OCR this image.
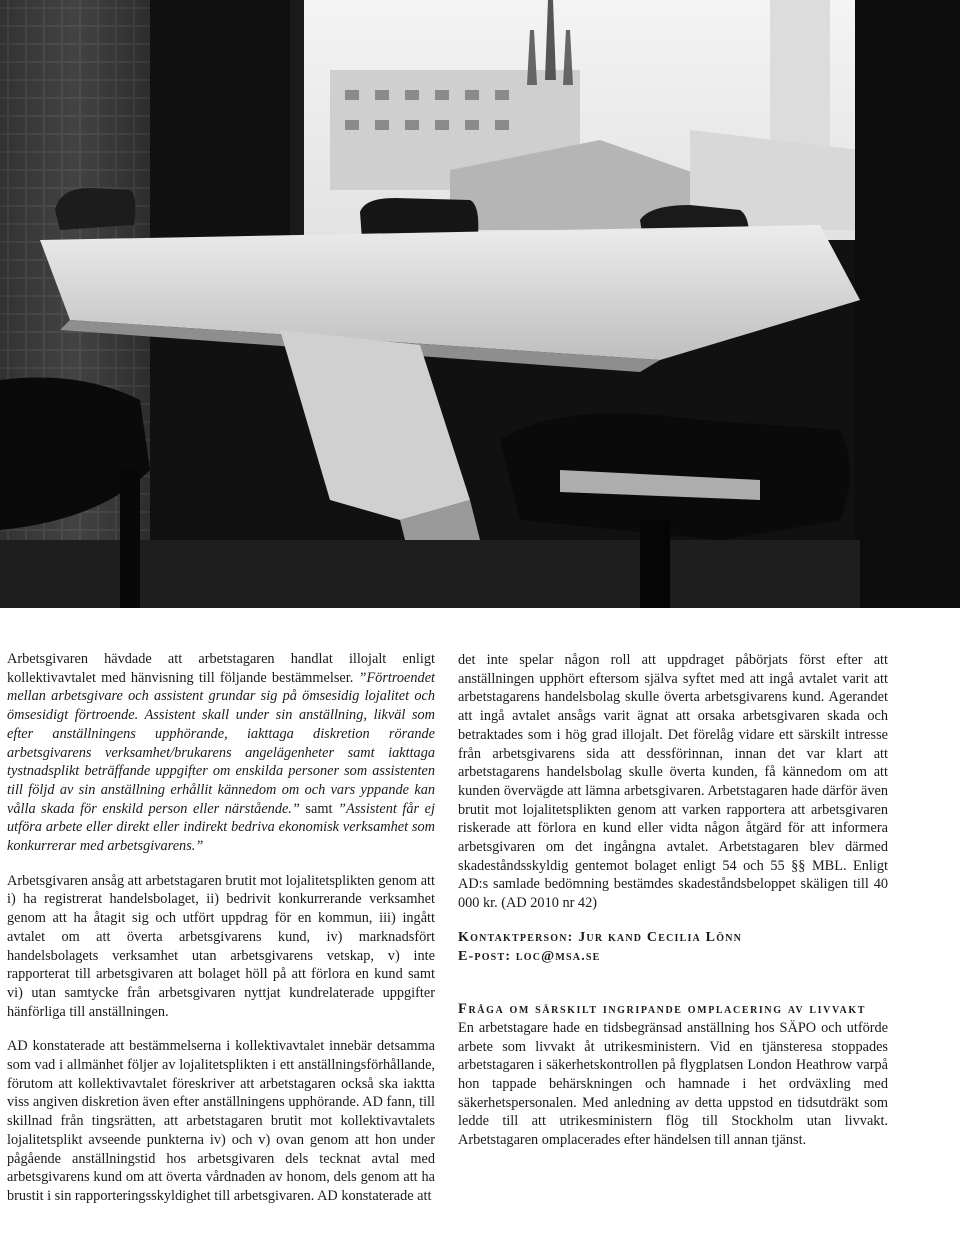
Arbetsgivaren hävdade att arbetstagaren handlat illojalt enligt kollektivavtalet med hänvisning till följande bestämmelser. ”Förtroendet mellan arbetsgivare och assistent grundar sig på ömsesidig lojalitet och ömsesidigt förtroende. Assistent skall under sin anställning, likväl som efter anställningens upphörande, iakttaga diskretion rörande arbetsgivarens verksamhet/brukarens angelägenheter samt iakttaga tystnadsplikt beträffande uppgifter om enskilda personer som assistenten till följd av sin anställning erhållit kännedom om och vars yppande kan vålla skada för enskild person eller närstående.” samt ”Assistent får ej utföra arbete eller direkt eller indirekt bedriva ekonomisk verksamhet som konkurrerar med arbetsgivarens.”

Arbetsgivaren ansåg att arbetstagaren brutit mot lojalitetsplikten genom att i) ha registrerat handelsbolaget, ii) bedrivit konkurrerande verksamhet genom att ha åtagit sig och utfört uppdrag för en kommun, iii) ingått avtalet om att överta arbetsgivarens kund, iv) marknadsfört handelsbolagets verksamhet utan arbetsgivarens vetskap, v) inte rapporterat till arbetsgivaren att bolaget höll på att förlora en kund samt vi) utan samtycke från arbetsgivaren nyttjat kundrelaterade uppgifter hänförliga till anställningen.

AD konstaterade att bestämmelserna i kollektivavtalet innebär detsamma som vad i allmänhet följer av lojalitetsplikten i ett anställningsförhållande, förutom att kollektivavtalet föreskriver att arbetstagaren också ska iaktta viss angiven diskretion även efter anställningens upphörande. AD fann, till skillnad från tingsrätten, att arbetstagaren brutit mot kollektivavtalets lojalitetsplikt avseende punkterna iv) och v) ovan genom att hon under pågående anställningstid hos arbetsgivaren dels tecknat avtal med arbetsgivarens kund om att överta vårdnaden av honom, dels genom att ha brustit i sin rapporteringsskyldighet till arbetsgivaren. AD konstaterade att

det inte spelar någon roll att uppdraget påbörjats först efter att anställningen upphört eftersom själva syftet med att ingå avtalet varit att arbetstagarens handelsbolag skulle överta arbetsgivarens kund. Agerandet att ingå avtalet ansågs varit ägnat att orsaka arbetsgivaren skada och betraktades som i hög grad illojalt. Det förelåg vidare ett särskilt intresse från arbetsgivarens sida att dessförinnan, innan det var klart att arbetstagarens handelsbolag skulle överta kunden, få kännedom om att kunden övervägde att lämna arbetsgivaren. Arbetstagaren hade därför även brutit mot lojalitetsplikten genom att varken rapportera att arbetsgivaren riskerade att förlora en kund eller vidta någon åtgärd för att informera arbetsgivaren om det ingångna avtalet. Arbetstagaren blev därmed skadeståndsskyldig gentemot bolaget enligt 54 och 55 §§ MBL. Enligt AD:s samlade bedömning bestämdes skadeståndsbeloppet skäligen till 40 000 kr. (AD 2010 nr 42)

Kontaktperson: Jur kand Cecilia Lönn
E-post: loc@msa.se
Fråga om särskilt ingripande omplacering av livvakt

En arbetstagare hade en tidsbegränsad anställning hos SÄPO och utförde arbete som livvakt åt utrikesministern. Vid en tjänsteresa stoppades arbetstagaren i säkerhetskontrollen på flygplatsen London Heathrow varpå hon tappade behärskningen och hamnade i het ordväxling med säkerhetspersonalen. Med anledning av detta uppstod en tidsutdräkt som ledde till att utrikesministern flög till Stockholm utan livvakt. Arbetstagaren omplacerades efter händelsen till annan tjänst.
